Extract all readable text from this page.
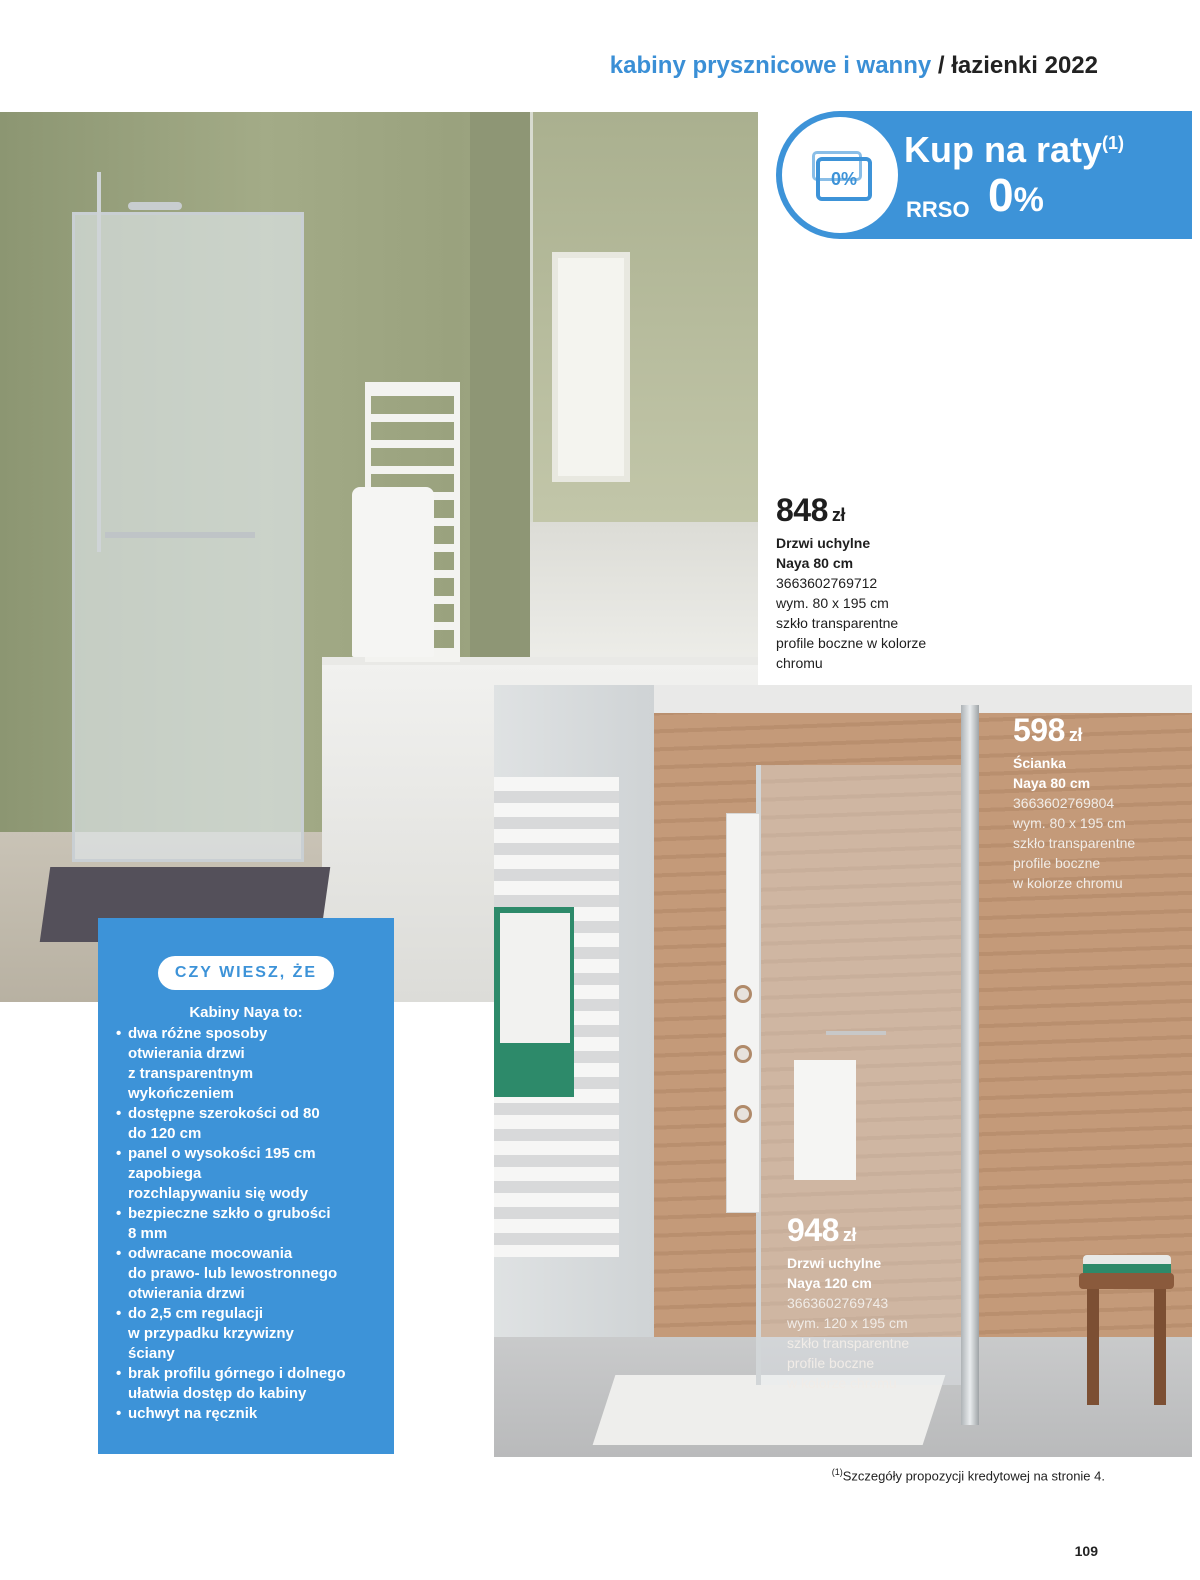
kabiny prysznicowe i wanny / łazienki 2022
0%
Kup na raty$^{(1)}$
RRSO 0%
848 zł
Drzwi uchylne
Naya 80 cm
3663602769712
wym. 80 x 195 cm
szkło transparentne
profile boczne w kolorze
chromu
598 zł
Ścianka
Naya 80 cm
3663602769804
wym. 80 x 195 cm
szkło transparentne
profile boczne
w kolorze chromu
948 zł
Drzwi uchylne
Naya 120 cm
3663602769743
wym. 120 x 195 cm
szkło transparentne
profile boczne
w kolorze chromu
CZY WIESZ, ŻE
Kabiny Naya to:
• dwa różne sposoby
otwierania drzwi
z transparentnym
wykończeniem
• dostępne szerokości od 80
do 120 cm
• panel o wysokości 195 cm
zapobiega
rozchlapywaniu się wody
• bezpieczne szkło o grubości
8 mm
• odwracane mocowania
do prawo- lub lewostronnego
otwierania drzwi
• do 2,5 cm regulacji
w przypadku krzywizny
ściany
• brak profilu górnego i dolnego
ułatwia dostęp do kabiny
• uchwyt na ręcznik
$^{(1)}$Szczegóły propozycji kredytowej na stronie 4.
109
